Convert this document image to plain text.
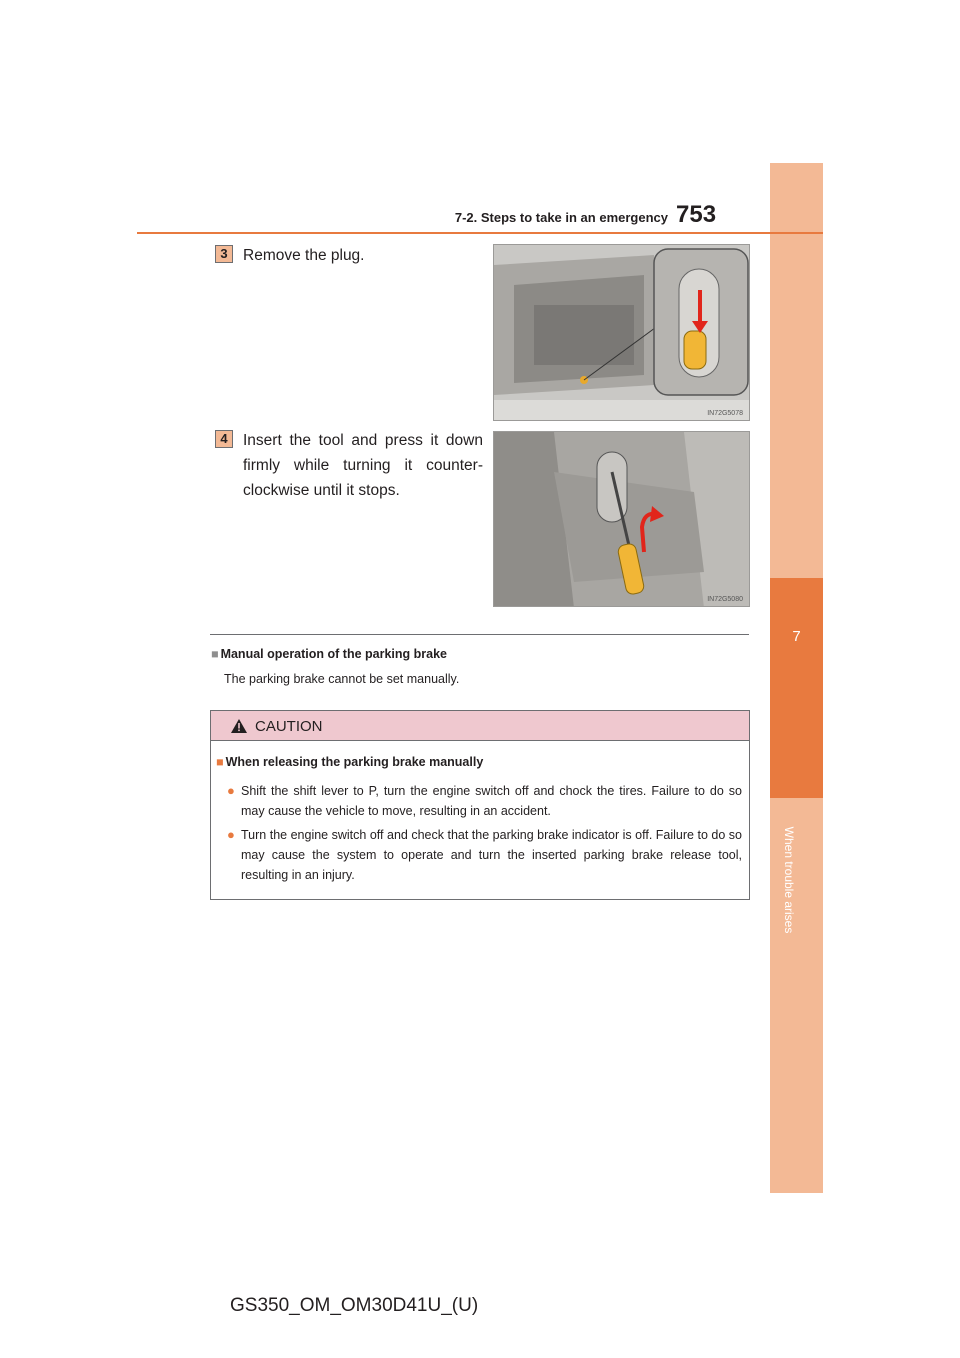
7
When trouble arises
7-2. Steps to take in an emergency 753
3 Remove the plug.
IN72G5078
4 Insert the tool and press it down firmly while turning it counter-clockwise until it stops.
IN72G5080
■ Manual operation of the parking brake
The parking brake cannot be set manually.
CAUTION
■ When releasing the parking brake manually
● Shift the shift lever to P, turn the engine switch off and chock the tires. Failure to do so may cause the vehicle to move, resulting in an accident.
● Turn the engine switch off and check that the parking brake indicator is off. Failure to do so may cause the system to operate and turn the inserted parking brake release tool, resulting in an injury.
GS350_OM_OM30D41U_(U)
